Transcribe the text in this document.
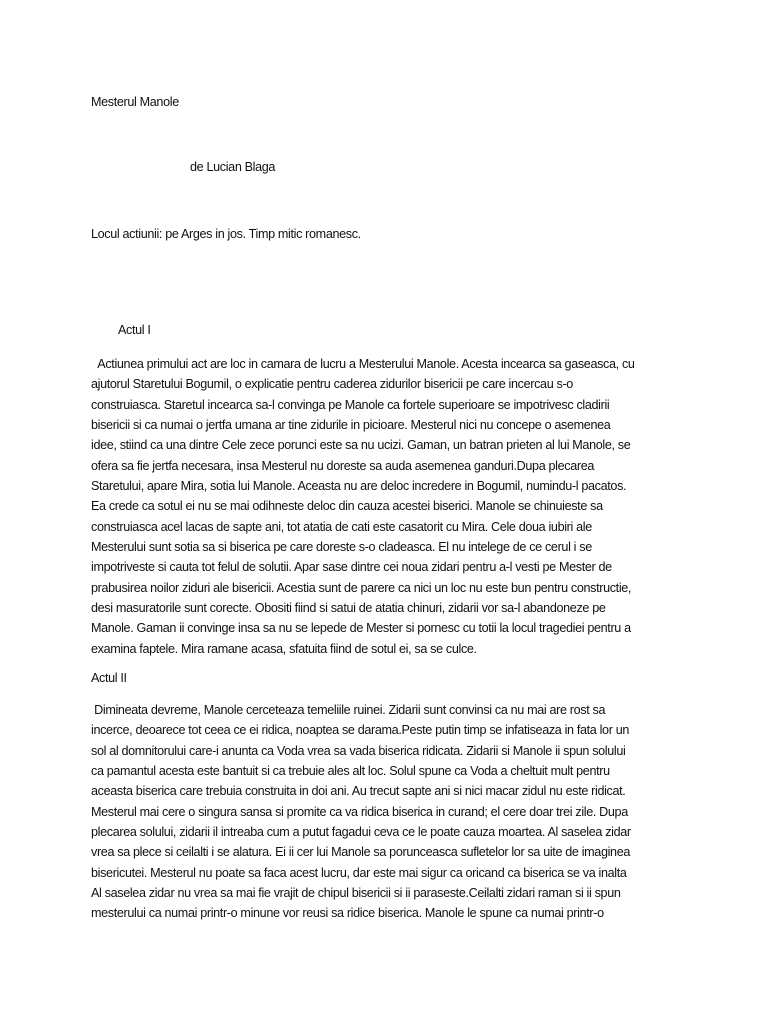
Mesterul Manole

de Lucian Blaga

Locul actiunii: pe Arges in jos. Timp mitic romanesc.

Actul I

Actiunea primului act are loc in camara de lucru a Mesterului Manole. Acesta incearca sa gaseasca, cu
ajutorul Staretului Bogumil, o explicatie pentru caderea zidurilor bisericii pe care incercau s-o
construiasca. Staretul incearca sa-l convinga pe Manole ca fortele superioare se impotrivesc cladirii
bisericii si ca numai o jertfa umana ar tine zidurile in picioare. Mesterul nici nu concepe o asemenea
idee, stiind ca una dintre Cele zece porunci este sa nu ucizi. Gaman, un batran prieten al lui Manole, se
ofera sa fie jertfa necesara, insa Mesterul nu doreste sa auda asemenea ganduri.Dupa plecarea
Staretului, apare Mira, sotia lui Manole. Aceasta nu are deloc incredere in Bogumil, numindu-l pacatos.
Ea crede ca sotul ei nu se mai odihneste deloc din cauza acestei biserici. Manole se chinuieste sa
construiasca acel lacas de sapte ani, tot atatia de cati este casatorit cu Mira. Cele doua iubiri ale
Mesterului sunt sotia sa si biserica pe care doreste s-o cladeasca. El nu intelege de ce cerul i se
impotriveste si cauta tot felul de solutii. Apar sase dintre cei noua zidari pentru a-l vesti pe Mester de
prabusirea noilor ziduri ale bisericii. Acestia sunt de parere ca nici un loc nu este bun pentru constructie,
desi masuratorile sunt corecte. Obositi fiind si satui de atatia chinuri, zidarii vor sa-l abandoneze pe
Manole. Gaman ii convinge insa sa nu se lepede de Mester si pornesc cu totii la locul tragediei pentru a
examina faptele. Mira ramane acasa, sfatuita fiind de sotul ei, sa se culce.

Actul II

Dimineata devreme, Manole cerceteaza temeliile ruinei. Zidarii sunt convinsi ca nu mai are rost sa
incerce, deoarece tot ceea ce ei ridica, noaptea se darama.Peste putin timp se infatiseaza in fata lor un
sol al domnitorului care-i anunta ca Voda vrea sa vada biserica ridicata. Zidarii si Manole ii spun solului
ca pamantul acesta este bantuit si ca trebuie ales alt loc. Solul spune ca Voda a cheltuit mult pentru
aceasta biserica care trebuia construita in doi ani. Au trecut sapte ani si nici macar zidul nu este ridicat.
Mesterul mai cere o singura sansa si promite ca va ridica biserica in curand; el cere doar trei zile. Dupa
plecarea solului, zidarii il intreaba cum a putut fagadui ceva ce le poate cauza moartea. Al saselea zidar
vrea sa plece si ceilalti i se alatura. Ei ii cer lui Manole sa porunceasca sufletelor lor sa uite de imaginea
bisericutei. Mesterul nu poate sa faca acest lucru, dar este mai sigur ca oricand ca biserica se va inalta
Al saselea zidar nu vrea sa mai fie vrajit de chipul bisericii si ii paraseste.Ceilalti zidari raman si ii spun
mesterului ca numai printr-o minune vor reusi sa ridice biserica. Manole le spune ca numai printr-o
